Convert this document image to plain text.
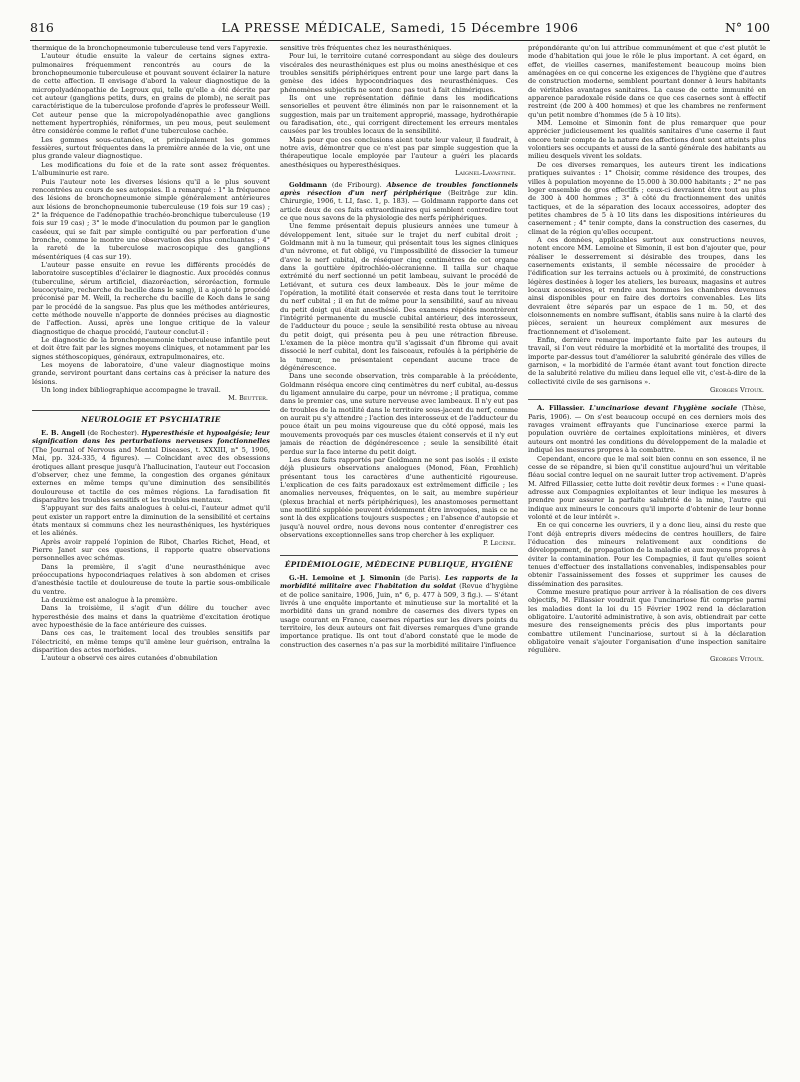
816	LA PRESSE MÉDICALE, Samedi, 15 Décembre 1906	N° 100

thermique de la bronchopneumonie tuberculeuse tend vers l'apyrexie.

L'auteur étudie ensuite la valeur de certains signes extra-pulmonaires fréquemment rencontrés au cours de la bronchopneumonie tuberculeuse et pouvant souvent éclairer la nature de cette affection. Il envisage d'abord la valeur diagnostique de la micropolyadénopathie de Legroux qui, telle qu'elle a été décrite par cet auteur (ganglions petits, durs, en grains de plomb), ne serait pas caractéristique de la tuberculose profonde d'après le professeur Weill. Cet auteur pense que la micropolyadénopathie avec ganglions nettement hypertrophiés, réniformes, un peu mous, peut seulement être considérée comme le reflet d'une tuberculose cachée.

Les gommes sous-cutanées, et principalement les gommes fessières, surtout fréquentes dans la première année de la vie, ont une plus grande valeur diagnostique.

Les modifications du foie et de la rate sont assez fréquentes. L'albuminurie est rare.

Puis l'auteur note les diverses lésions qu'il a le plus souvent rencontrées au cours de ses autopsies. Il a remarqué : 1° la fréquence des lésions de bronchopneumonie simple généralement antérieures aux lésions de bronchopneumonie tuberculeuse (19 fois sur 19 cas) ; 2° la fréquence de l'adénopathie trachéo-bronchique tuberculeuse (19 fois sur 19 cas) ; 3° le mode d'inoculation du poumon par le ganglion caséeux, qui se fait par simple contiguïté ou par perforation d'une bronche, comme le montre une observation des plus concluantes ; 4° la rareté de la tuberculose macroscopique des ganglions mésentériques (4 cas sur 19).

L'auteur passe ensuite en revue les différents procédés de laboratoire susceptibles d'éclairer le diagnostic. Aux procédés connus (tuberculine, sérum artificiel, diazoréaction, séroréaction, formule leucocytaire, recherche du bacille dans le sang), il a ajouté le procédé préconisé par M. Weill, la recherche du bacille de Koch dans le sang par le procédé de la sangsue. Pas plus que les méthodes antérieures, cette méthode nouvelle n'apporte de données précises au diagnostic de l'affection. Aussi, après une longue critique de la valeur diagnostique de chaque procédé, l'auteur conclut-il :

Le diagnostic de la bronchopneumonie tuberculeuse infantile peut et doit être fait par les signes moyens cliniques, et notamment par les signes stéthoscopiques, généraux, extrapulmonaires, etc.

Les moyens de laboratoire, d'une valeur diagnostique moins grande, serviront pourtant dans certains cas à préciser la nature des lésions.

Un long index bibliographique accompagne le travail.

M. Beutter.
NEUROLOGIE ET PSYCHIATRIE

E. B. Angell (de Rochester). Hyperesthésie et hypoalgésie; leur signification dans les perturbations nerveuses fonctionnelles (The Journal of Nervous and Mental Diseases, t. XXXIII, n° 5, 1906, Mai, pp. 324-335, 4 figures). — Coïncidant avec des obsessions érotiques allant presque jusqu'à l'hallucination, l'auteur eut l'occasion d'observer, chez une femme, la congestion des organes génitaux externes en même temps qu'une diminution des sensibilités douloureuse et tactile de ces mêmes régions. La faradisation fit disparaître les troubles sensitifs et les troubles mentaux.

S'appuyant sur des faits analogues à celui-ci, l'auteur admet qu'il peut exister un rapport entre la diminution de la sensibilité et certains états mentaux si communs chez les neurasthéniques, les hystériques et les aliénés.

Après avoir rappelé l'opinion de Ribot, Charles Richet, Head, et Pierre Janet sur ces questions, il rapporte quatre observations personnelles avec schémas.

Dans la première, il s'agit d'une neurasthénique avec préoccupations hypocondriaques relatives à son abdomen et crises d'anesthésie tactile et douloureuse de toute la partie sous-ombilicale du ventre.

La deuxième est analogue à la première.

Dans la troisième, il s'agit d'un délire du toucher avec hyperesthésie des mains et dans la quatrième d'excitation érotique avec hypoesthésie de la face antérieure des cuisses.

Dans ces cas, le traitement local des troubles sensitifs par l'électricité, en même temps qu'il amène leur guérison, entraîna la disparition des actes morbides.

L'auteur a observé ces aires cutanées d'obnubilation

sensitive très fréquentes chez les neurasthéniques.

Pour lui, le territoire cutané correspondant au siège des douleurs viscérales des neurasthéniques est plus ou moins anesthésique et ces troubles sensitifs périphériques entrent pour une large part dans la genèse des idées hypocondriaques des neurasthéniques. Ces phénomènes subjectifs ne sont donc pas tout à fait chimériques.

Ils ont une représentation définie dans les modifications sensorielles et peuvent être éliminés non par le raisonnement et la suggestion, mais par un traitement approprié, massage, hydrothérapie ou faradisation, etc., qui corrigent directement les erreurs mentales causées par les troubles locaux de la sensibilité.

Mais pour que ces conclusions aient toute leur valeur, il faudrait, à notre avis, démontrer que ce n'est pas par simple suggestion que la thérapeutique locale employée par l'auteur a guéri les placards anesthésiques ou hyperesthésiques.

Laignel-Lavastine.

Goldmann (de Fribourg). Absence de troubles fonctionnels après résection d'un nerf périphérique (Beiträge zur klin. Chirurgie, 1906, t. LI, fasc. 1, p. 183). — Goldmann rapporte dans cet article deux de ces faits extraordinaires qui semblent contredire tout ce que nous savons de la physiologie des nerfs périphériques.

Une femme présentait depuis plusieurs années une tumeur à développement lent, située sur le trajet du nerf cubital droit ; Goldmann mit à nu la tumeur, qui présentait tous les signes cliniques d'un névrome, et fut obligé, vu l'impossibilité de dissocier la tumeur d'avec le nerf cubital, de réséquer cinq centimètres de cet organe dans la gouttière épitrochléo-olécranienne. Il tailla sur chaque extrémité du nerf sectionné un petit lambeau, suivant le procédé de Letiévant, et sutura ces deux lambeaux. Dès le jour même de l'opération, la motilité était conservée et resta dans tout le territoire du nerf cubital ; il en fut de même pour la sensibilité, sauf au niveau du petit doigt qui était anesthésié. Des examens répétés montrèrent l'intégrité permanente du muscle cubital antérieur, des interosseux, de l'adducteur du pouce ; seule la sensibilité resta obtuse au niveau du petit doigt, qui présenta peu à peu une rétraction fibreuse. L'examen de la pièce montra qu'il s'agissait d'un fibrome qui avait dissocié le nerf cubital, dont les faisceaux, refoulés à la périphérie de la tumeur, ne présentaient cependant aucune trace de dégénérescence.

Dans une seconde observation, très comparable à la précédente, Goldmann réséqua encore cinq centimètres du nerf cubital, au-dessus du ligament annulaire du carpe, pour un névrome ; il pratiqua, comme dans le premier cas, une suture nerveuse avec lambeaux. Il n'y eut pas de troubles de la motilité dans le territoire sous-jacent du nerf, comme on aurait pu s'y attendre ; l'action des interosseux et de l'adducteur du pouce était un peu moins vigoureuse que du côté opposé, mais les mouvements provoqués par ces muscles étaient conservés et il n'y eut jamais de réaction de dégénérescence ; seule la sensibilité était perdue sur la face interne du petit doigt.

Les deux faits rapportés par Goldmann ne sont pas isolés : il existe déjà plusieurs observations analogues (Monod, Féan, Frœhlich) présentant tous les caractères d'une authenticité rigoureuse. L'explication de ces faits paradoxaux est extrêmement difficile ; les anomalies nerveuses, fréquentes, on le sait, au membre supérieur (plexus brachial et nerfs périphériques), les anastomoses permettant une motilité suppléée peuvent évidemment être invoquées, mais ce ne sont là des explications toujours suspectes ; en l'absence d'autopsie et jusqu'à nouvel ordre, nous devons nous contenter d'enregistrer ces observations exceptionnelles sans trop chercher à les expliquer.

P. Lecène.
ÉPIDÉMIOLOGIE, MÉDECINE PUBLIQUE, HYGIÈNE

G.-H. Lemoine et J. Simonin (de Paris). Les rapports de la morbidité militaire avec l'habitation du soldat (Revue d'hygiène et de police sanitaire, 1906, Juin, n° 6, p. 477 à 509, 3 fig.). — S'étant livrés à une enquête importante et minutieuse sur la mortalité et la morbidité dans un grand nombre de casernes des divers types en usage courant en France, casernes réparties sur les divers points du territoire, les deux auteurs ont fait diverses remarques d'une grande importance pratique. Ils ont tout d'abord constaté que le mode de construction des casernes n'a pas sur la morbidité militaire l'influence

prépondérante qu'on lui attribue communément et que c'est plutôt le mode d'habitation qui joue le rôle le plus important. A cet égard, en effet, de vieilles casernes, manifestement beaucoup moins bien aménagées en ce qui concerne les exigences de l'hygiène que d'autres de construction moderne, semblent pourtant donner à leurs habitants de véritables avantages sanitaires. La cause de cette immunité en apparence paradoxale réside dans ce que ces casernes sont à effectif restreint (de 200 à 400 hommes) et que les chambres ne renferment qu'un petit nombre d'hommes (de 5 à 10 lits).

MM. Lemoine et Simonin font de plus remarquer que pour apprécier judicieusement les qualités sanitaires d'une caserne il faut encore tenir compte de la nature des affections dont sont atteints plus volontiers ses occupants et aussi de la santé générale des habitants au milieu desquels vivent les soldats.

De ces diverses remarques, les auteurs tirent les indications pratiques suivantes : 1° Choisir, comme résidence des troupes, des villes à population moyenne de 15.000 à 30.000 habitants ; 2° ne pas loger ensemble de gros effectifs ; ceux-ci devraient être tout au plus de 300 à 400 hommes ; 3° à côté du fractionnement des unités tactiques, et de la séparation des locaux accessoires, adopter des petites chambres de 5 à 10 lits dans les dispositions intérieures du casernement ; 4° tenir compte, dans la construction des casernes, du climat de la région qu'elles occupent.

A ces données, applicables surtout aux constructions neuves, notent encore MM. Lemoine et Simonin, il est bon d'ajouter que, pour réaliser le desserrement si désirable des troupes, dans les casernements existants, il semble nécessaire de procéder à l'édification sur les terrains actuels ou à proximité, de constructions légères destinées à loger les ateliers, les bureaux, magasins et autres locaux accessoires, et rendre aux hommes les chambres devenues ainsi disponibles pour en faire des dortoirs convenables. Les lits devraient être séparés par un espace de 1 m. 50, et des cloisonnements en nombre suffisant, établis sans nuire à la clarté des pièces, seraient un heureux complément aux mesures de fractionnement et d'isolement.

Enfin, dernière remarque importante faite par les auteurs du travail, si l'on veut réduire la morbidité et la mortalité des troupes, il importe par-dessus tout d'améliorer la salubrité générale des villes de garnison, « la morbidité de l'armée étant avant tout fonction directe de la salubrité relative du milieu dans lequel elle vit, c'est-à-dire de la collectivité civile de ses garnisons ».

Georges Vitoux.

A. Fillassier. L'uncinariose devant l'hygiène sociale (Thèse, Paris, 1906). — On s'est beaucoup occupé en ces derniers mois des ravages vraiment effrayants que l'uncinariose exerce parmi la population ouvrière de certaines exploitations minières, et divers auteurs ont montré les conditions du développement de la maladie et indiqué les mesures propres à la combattre.

Cependant, encore que le mal soit bien connu en son essence, il ne cesse de se répandre, si bien qu'il constitue aujourd'hui un véritable fléau social contre lequel on ne saurait lutter trop activement. D'après M. Alfred Fillassier, cette lutte doit revêtir deux formes : « l'une quasi-adresse aux Compagnies exploitantes et leur indique les mesures à prendre pour assurer la parfaite salubrité de la mine, l'autre qui indique aux mineurs le concours qu'il importe d'obtenir de leur bonne volonté et de leur intérêt ».

En ce qui concerne les ouvriers, il y a donc lieu, ainsi du reste que l'ont déjà entrepris divers médecins de centres houillers, de faire l'éducation des mineurs relativement aux conditions de développement, de propagation de la maladie et aux moyens propres à éviter la contamination. Pour les Compagnies, il faut qu'elles soient tenues d'effectuer des installations convenables, indispensables pour obtenir l'assainissement des fosses et supprimer les causes de dissémination des parasites.

Comme mesure pratique pour arriver à la réalisation de ces divers objectifs, M. Fillassier voudrait que l'uncinariose fût comprise parmi les maladies dont la loi du 15 Février 1902 rend la déclaration obligatoire. L'autorité administrative, à son avis, obtiendrait par cette mesure des renseignements précis des plus importants pour combattre utilement l'uncinariose, surtout si à la déclaration obligatoire venait s'ajouter l'organisation d'une inspection sanitaire régulière.

Georges Vitoux.
